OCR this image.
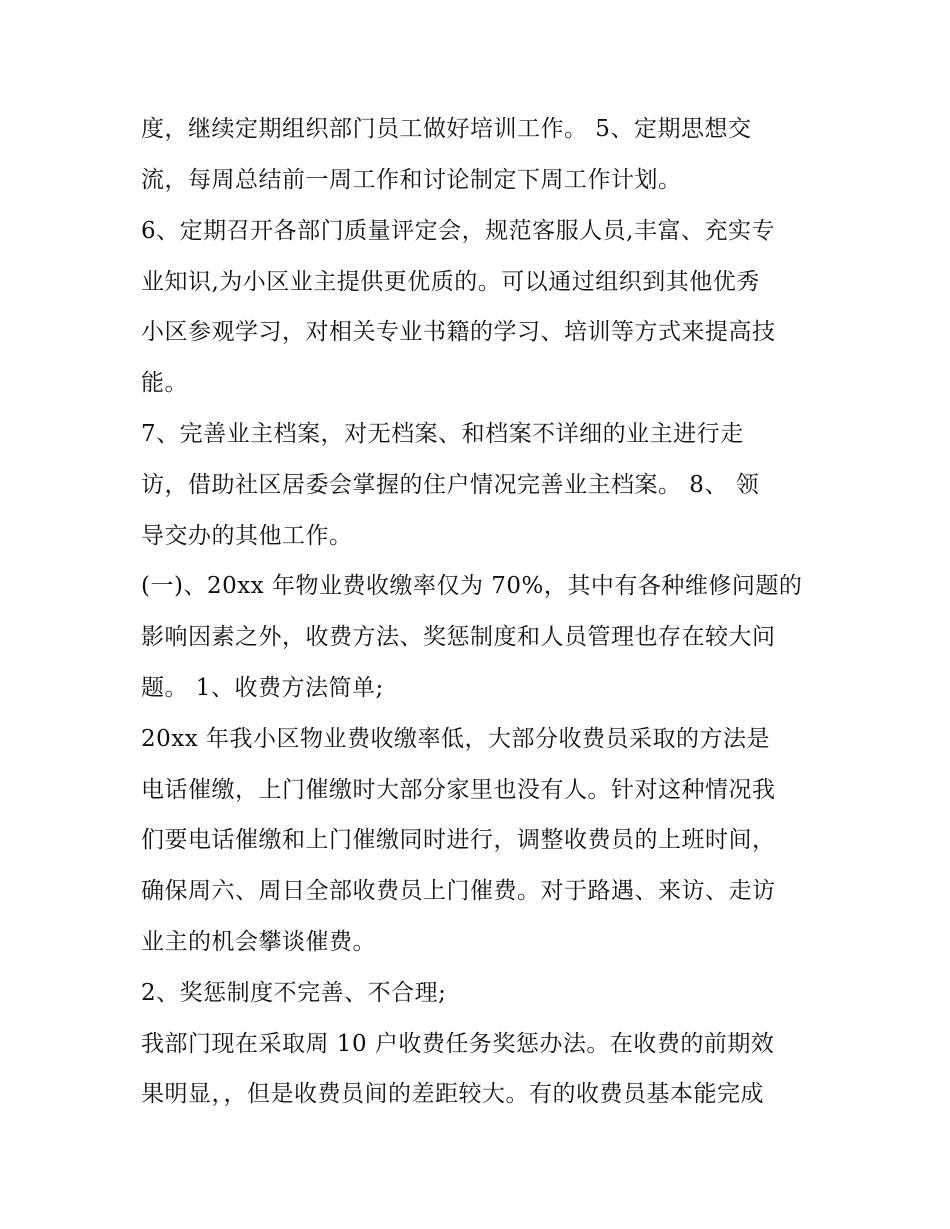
度，继续定期组织部门员工做好培训工作。 5、定期思想交
流，每周总结前一周工作和讨论制定下周工作计划。
6、定期召开各部门质量评定会，规范客服人员,丰富、充实专
业知识,为小区业主提供更优质的。可以通过组织到其他优秀
小区参观学习，对相关专业书籍的学习、培训等方式来提高技
能。
7、完善业主档案，对无档案、和档案不详细的业主进行走
访，借助社区居委会掌握的住户情况完善业主档案。 8、 领
导交办的其他工作。
(一)、20xx 年物业费收缴率仅为 70%，其中有各种维修问题的
影响因素之外，收费方法、奖惩制度和人员管理也存在较大问
题。 1、收费方法简单;
20xx 年我小区物业费收缴率低，大部分收费员采取的方法是
电话催缴，上门催缴时大部分家里也没有人。针对这种情况我
们要电话催缴和上门催缴同时进行，调整收费员的上班时间，
确保周六、周日全部收费员上门催费。对于路遇、来访、走访
业主的机会攀谈催费。
2、奖惩制度不完善、不合理;
我部门现在采取周 10 户收费任务奖惩办法。在收费的前期效
果明显，，但是收费员间的差距较大。有的收费员基本能完成
